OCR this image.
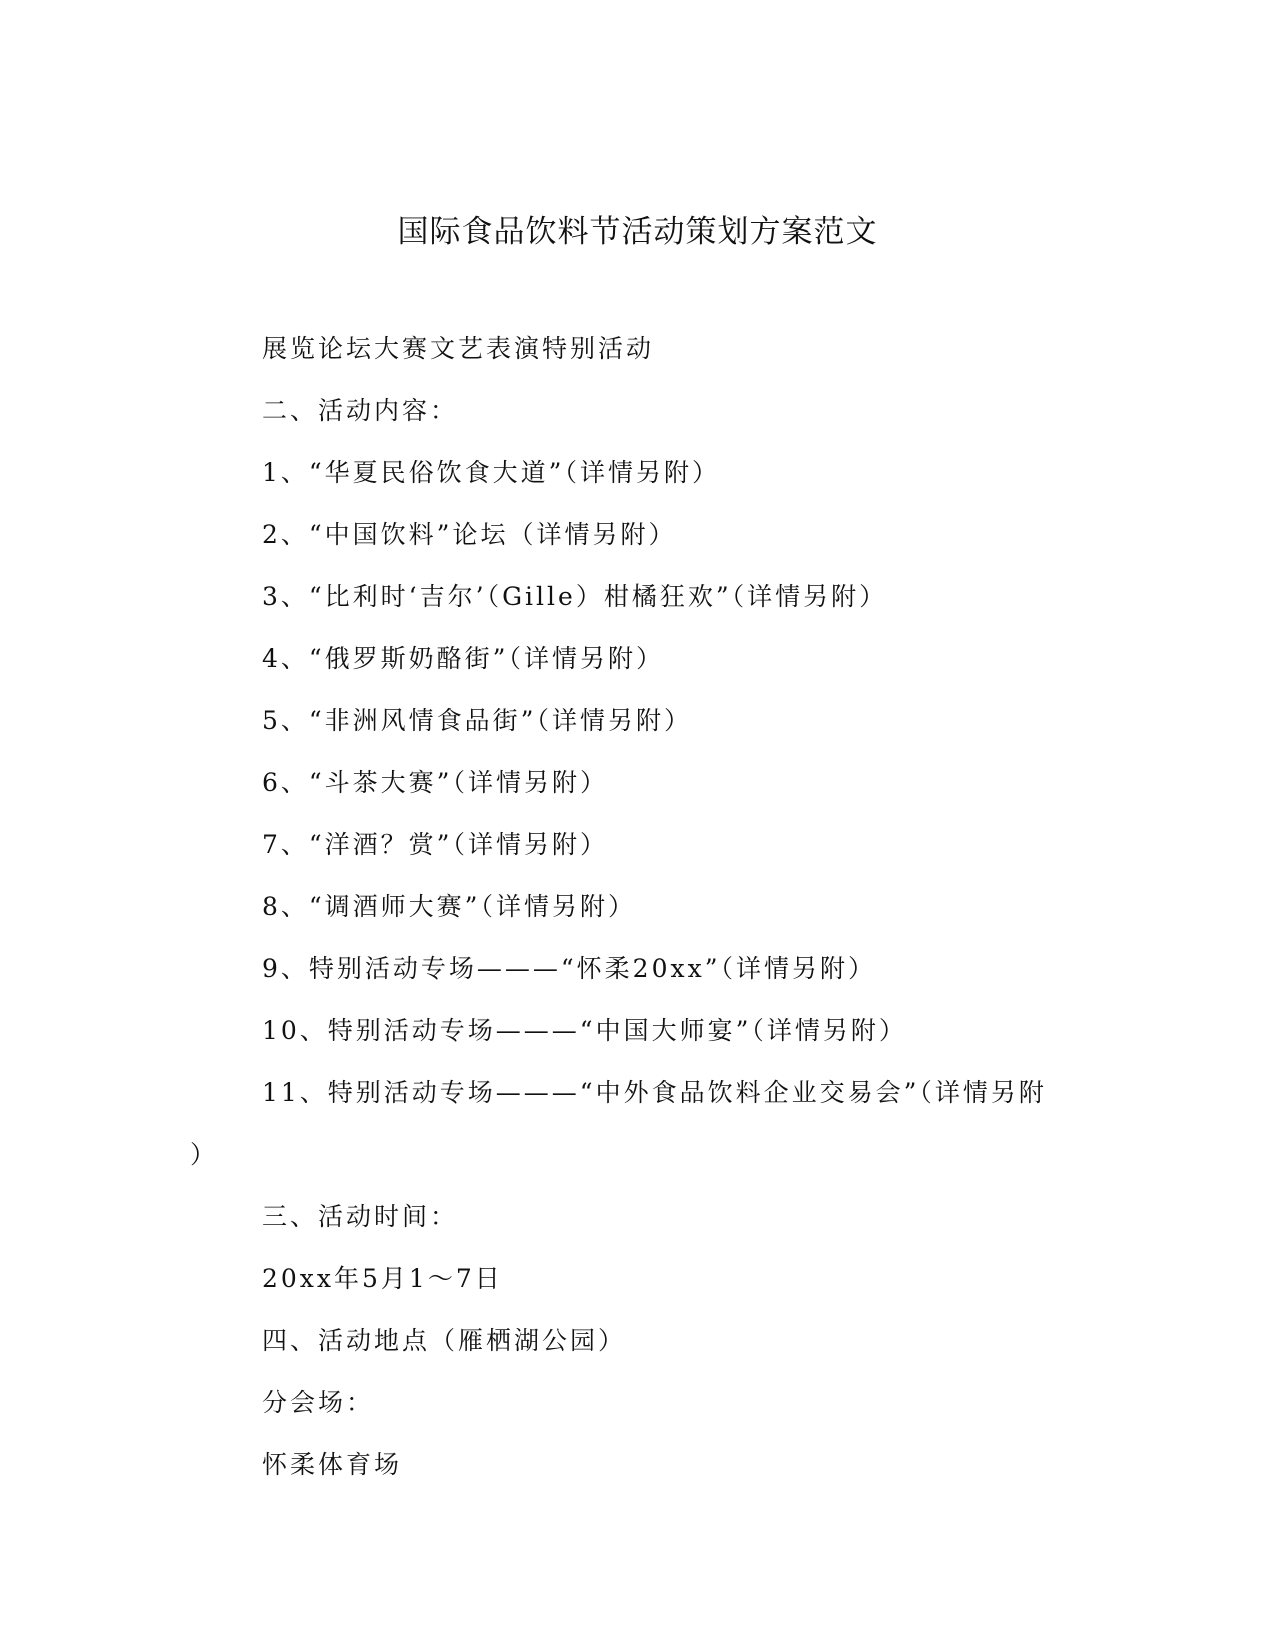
国际食品饮料节活动策划方案范文

展览论坛大赛文艺表演特别活动

二、活动内容：

1、“华夏民俗饮食大道”（详情另附）

2、“中国饮料”论坛（详情另附）

3、“比利时‘吉尔’（Gille）柑橘狂欢”（详情另附）

4、“俄罗斯奶酪街”（详情另附）

5、“非洲风情食品街”（详情另附）

6、“斗茶大赛”（详情另附）

7、“洋酒？赏”（详情另附）

8、“调酒师大赛”（详情另附）

9、特别活动专场———“怀柔20xx”（详情另附）

10、特别活动专场———“中国大师宴”（详情另附）

11、特别活动专场———“中外食品饮料企业交易会”（详情另附

）

三、活动时间：

20xx年5月1～7日

四、活动地点（雁栖湖公园）

分会场：

怀柔体育场
